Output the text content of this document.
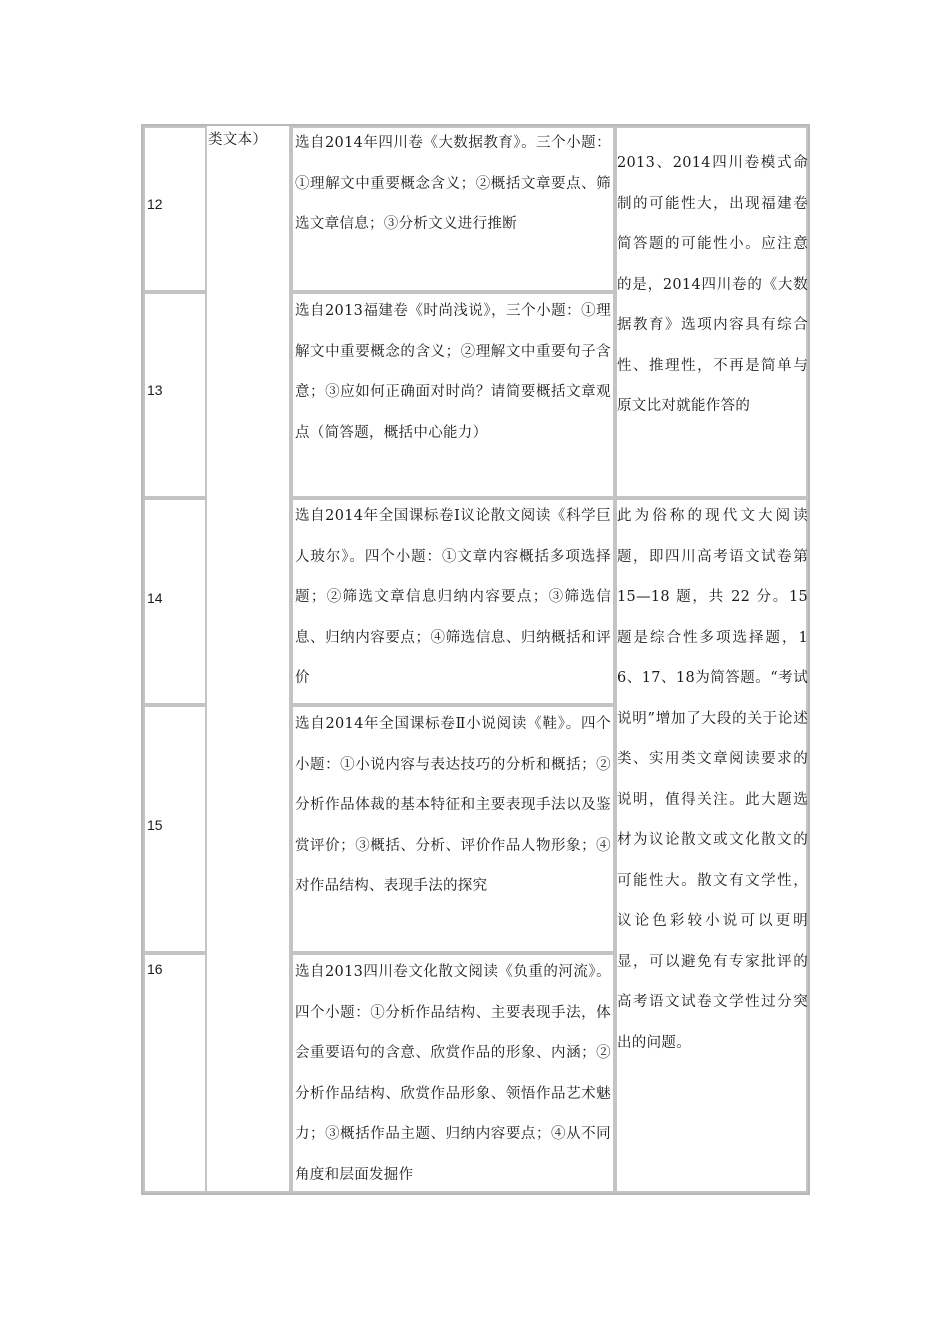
12
13
14
15
16
类文本）	选自2014年四川卷《大数据教育》。三个小题：①理解文中重要概念含义；②概括文章要点、筛选文章信息；③分析文义进行推断
选自2013福建卷《时尚浅说》，三个小题：①理解文中重要概念的含义；②理解文中重要句子含意；③应如何正确面对时尚？请简要概括文章观点（简答题，概括中心能力）
选自2014年全国课标卷Ⅰ议论散文阅读《科学巨人玻尔》。四个小题：①文章内容概括多项选择题；②筛选文章信息归纳内容要点；③筛选信息、归纳内容要点；④筛选信息、归纳概括和评价
选自2014年全国课标卷Ⅱ小说阅读《鞋》。四个小题：①小说内容与表达技巧的分析和概括；②分析作品体裁的基本特征和主要表现手法以及鉴赏评价；③概括、分析、评价作品人物形象；④对作品结构、表现手法的探究
选自2013四川卷文化散文阅读《负重的河流》。四个小题：①分析作品结构、主要表现手法，体会重要语句的含意、欣赏作品的形象、内涵；②分析作品结构、欣赏作品形象、领悟作品艺术魅力；③概括作品主题、归纳内容要点；④从不同角度和层面发掘作
2013、2014四川卷模式命制的可能性大，出现福建卷简答题的可能性小。应注意的是，2014四川卷的《大数据教育》选项内容具有综合性、推理性，不再是简单与原文比对就能作答的
此为俗称的现代文大阅读题，即四川高考语文试卷第 15—18 题，共 22 分。15题是综合性多项选择题，16、17、18为简答题。“考试说明”增加了大段的关于论述类、实用类文章阅读要求的说明，值得关注。此大题选材为议论散文或文化散文的可能性大。散文有文学性，议论色彩较小说可以更明显，可以避免有专家批评的高考语文试卷文学性过分突出的问题。
